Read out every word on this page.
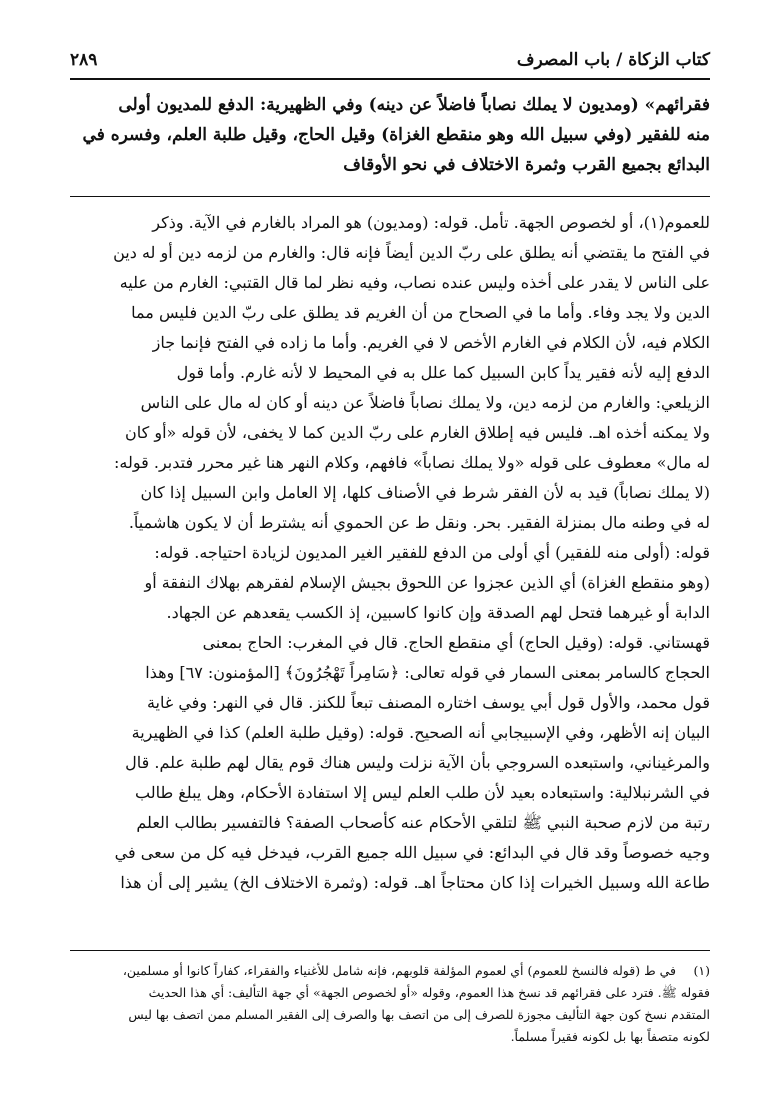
كتاب الزكاة / باب المصرف
٢٨٩

فقرائهم» (ومديون لا يملك نصاباً فاضلاً عن دينه) وفي الظهيرية: الدفع للمديون أولى

منه للفقير (وفي سبيل الله وهو منقطع الغزاة) وقيل الحاج، وقيل طلبة العلم، وفسره في

البدائع بجميع القرب وثمرة الاختلاف في نحو الأوقاف

للعموم(١)، أو لخصوص الجهة. تأمل. قوله: (ومديون) هو المراد بالغارم في الآية. وذكر

في الفتح ما يقتضي أنه يطلق على ربّ الدين أيضاً فإنه قال: والغارم من لزمه دين أو له دين

على الناس لا يقدر على أخذه وليس عنده نصاب، وفيه نظر لما قال القتبي: الغارم من عليه

الدين ولا يجد وفاء. وأما ما في الصحاح من أن الغريم قد يطلق على ربّ الدين فليس مما

الكلام فيه، لأن الكلام في الغارم الأخص لا في الغريم. وأما ما زاده في الفتح فإنما جاز

الدفع إليه لأنه فقير يداً كابن السبيل كما علل به في المحيط لا لأنه غارم. وأما قول

الزيلعي: والغارم من لزمه دين، ولا يملك نصاباً فاضلاً عن دينه أو كان له مال على الناس

ولا يمكنه أخذه اهـ. فليس فيه إطلاق الغارم على ربّ الدين كما لا يخفى، لأن قوله «أو كان

له مال» معطوف على قوله «ولا يملك نصاباً» فافهم، وكلام النهر هنا غير محرر فتدبر. قوله:

(لا يملك نصاباً) قيد به لأن الفقر شرط في الأصناف كلها، إلا العامل وابن السبيل إذا كان

له في وطنه مال بمنزلة الفقير. بحر. ونقل ط عن الحموي أنه يشترط أن لا يكون هاشمياً.

قوله: (أولى منه للفقير) أي أولى من الدفع للفقير الغير المديون لزيادة احتياجه. قوله:

(وهو منقطع الغزاة) أي الذين عجزوا عن اللحوق بجيش الإسلام لفقرهم بهلاك النفقة أو

الدابة أو غيرهما فتحل لهم الصدقة وإن كانوا كاسبين، إذ الكسب يقعدهم عن الجهاد.

قهستاني. قوله: (وقيل الحاج) أي منقطع الحاج. قال في المغرب: الحاج بمعنى

الحجاج كالسامر بمعنى السمار في قوله تعالى: ﴿سَامِراً تَهْجُرُونَ﴾ [المؤمنون: ٦٧] وهذا

قول محمد، والأول قول أبي يوسف اختاره المصنف تبعاً للكنز. قال في النهر: وفي غاية

البيان إنه الأظهر، وفي الإسبيجابي أنه الصحيح. قوله: (وقيل طلبة العلم) كذا في الظهيرية

والمرغيناني، واستبعده السروجي بأن الآية نزلت وليس هناك قوم يقال لهم طلبة علم. قال

في الشرنبلالية: واستبعاده بعيد لأن طلب العلم ليس إلا استفادة الأحكام، وهل يبلغ طالب

رتبة من لازم صحبة النبي ﷺ لتلقي الأحكام عنه كأصحاب الصفة؟ فالتفسير بطالب العلم

وجيه خصوصاً وقد قال في البدائع: في سبيل الله جميع القرب، فيدخل فيه كل من سعى في

طاعة الله وسبيل الخيرات إذا كان محتاجاً اهـ. قوله: (وثمرة الاختلاف الخ) يشير إلى أن هذا

(١)في ط (قوله فالنسخ للعموم) أي لعموم المؤلفة قلوبهم، فإنه شامل للأغنياء والفقراء، كفاراً كانوا أو مسلمين،

فقوله ﷺ. فترد على فقرائهم قد نسخ هذا العموم، وقوله «أو لخصوص الجهة» أي جهة التأليف: أي هذا الحديث

المتقدم نسخ كون جهة التأليف مجوزة للصرف إلى من اتصف بها والصرف إلى الفقير المسلم ممن اتصف بها ليس

لكونه متصفاً بها بل لكونه فقيراً مسلماً.
